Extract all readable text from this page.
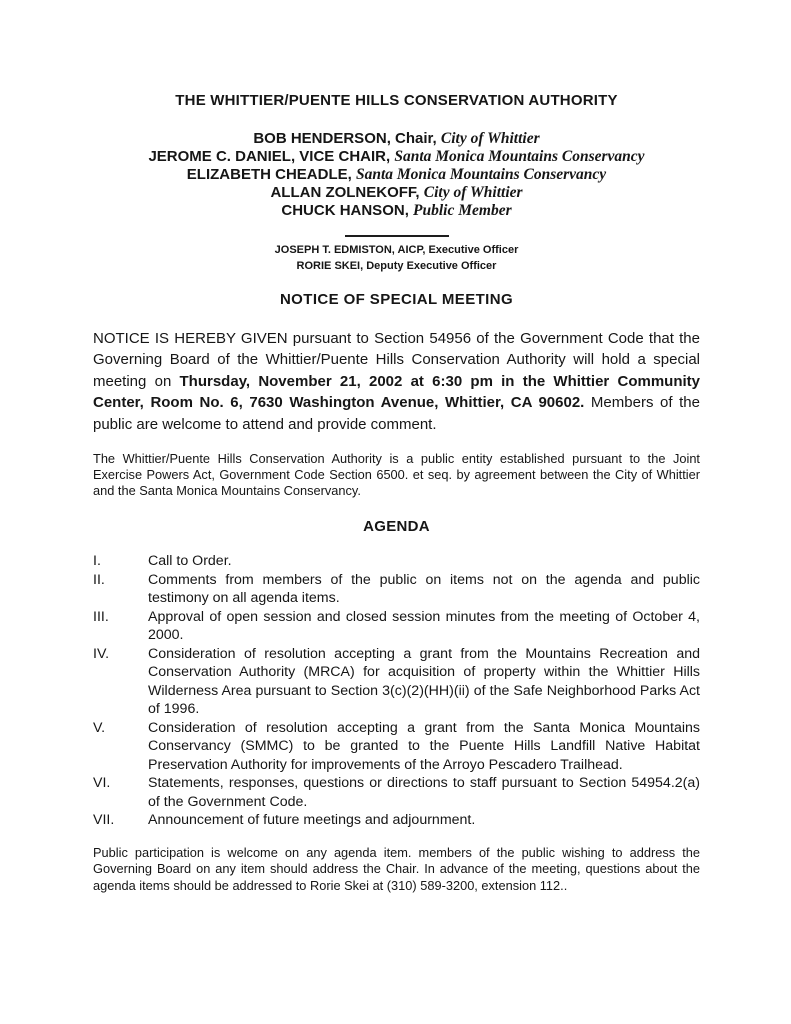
THE WHITTIER/PUENTE HILLS CONSERVATION AUTHORITY
BOB HENDERSON, Chair, City of Whittier
JEROME C. DANIEL, VICE CHAIR, Santa Monica Mountains Conservancy
ELIZABETH CHEADLE, Santa Monica Mountains Conservancy
ALLAN ZOLNEKOFF, City of Whittier
CHUCK HANSON, Public Member
JOSEPH T. EDMISTON, AICP, Executive Officer
RORIE SKEI, Deputy Executive Officer
NOTICE OF SPECIAL MEETING

NOTICE IS HEREBY GIVEN pursuant to Section 54956 of the Government Code that the Governing Board of the Whittier/Puente Hills Conservation Authority will hold a special meeting on Thursday, November 21, 2002 at 6:30 pm in the Whittier Community Center, Room No. 6, 7630 Washington Avenue, Whittier, CA 90602. Members of the public are welcome to attend and provide comment.

The Whittier/Puente Hills Conservation Authority is a public entity established pursuant to the Joint Exercise Powers Act, Government Code Section 6500. et seq. by agreement between the City of Whittier and the Santa Monica Mountains Conservancy.

AGENDA
I.	Call to Order.
II.	Comments from members of the public on items not on the agenda and public testimony on all agenda items.
III.	Approval of open session and closed session minutes from the meeting of October 4, 2000.
IV.	Consideration of resolution accepting a grant from the Mountains Recreation and Conservation Authority (MRCA) for acquisition of property within the Whittier Hills Wilderness Area pursuant to Section 3(c)(2)(HH)(ii) of the Safe Neighborhood Parks Act of 1996.
V.	Consideration of resolution accepting a grant from the Santa Monica Mountains Conservancy (SMMC) to be granted to the Puente Hills Landfill Native Habitat Preservation Authority for improvements of the Arroyo Pescadero Trailhead.
VI.	Statements, responses, questions or directions to staff pursuant to Section 54954.2(a) of the Government Code.
VII.	Announcement of future meetings and adjournment.

Public participation is welcome on any agenda item. members of the public wishing to address the Governing Board on any item should address the Chair. In advance of the meeting, questions about the agenda items should be addressed to Rorie Skei at (310) 589-3200, extension 112..
